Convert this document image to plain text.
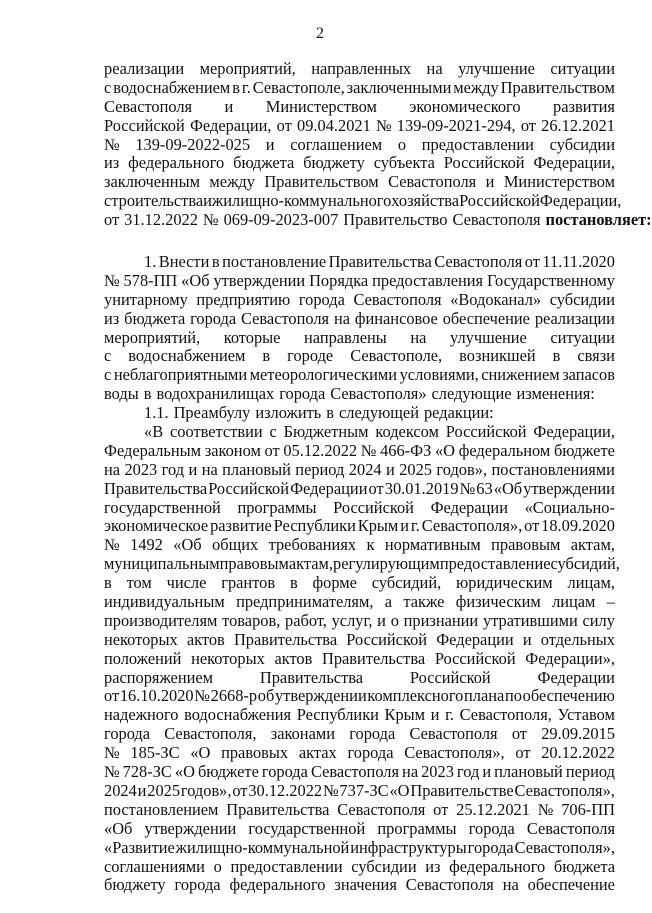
2
реализации мероприятий, направленных на улучшение ситуации
с водоснабжением в г. Севастополе, заключенными между Правительством
Севастополя и Министерством экономического развития
Российской Федерации, от 09.04.2021 № 139-09-2021-294, от 26.12.2021
№ 139-09-2022-025 и соглашением о предоставлении субсидии
из федерального бюджета бюджету субъекта Российской Федерации,
заключенным между Правительством Севастополя и Министерством
строительства и жилищно-коммунального хозяйства Российской Федерации,
от 31.12.2022 № 069-09-2023-007 Правительство Севастополя постановляет:
1. Внести в постановление Правительства Севастополя от 11.11.2020
№ 578-ПП «Об утверждении Порядка предоставления Государственному
унитарному предприятию города Севастополя «Водоканал» субсидии
из бюджета города Севастополя на финансовое обеспечение реализации
мероприятий, которые направлены на улучшение ситуации
с водоснабжением в городе Севастополе, возникшей в связи
с неблагоприятными метеорологическими условиями, снижением запасов
воды в водохранилищах города Севастополя» следующие изменения:
1.1. Преамбулу изложить в следующей редакции:
«В соответствии с Бюджетным кодексом Российской Федерации,
Федеральным законом от 05.12.2022 № 466-ФЗ «О федеральном бюджете
на 2023 год и на плановый период 2024 и 2025 годов», постановлениями
Правительства Российской Федерации от 30.01.2019 № 63 «Об утверждении
государственной программы Российской Федерации «Социально-
экономическое развитие Республики Крым и г. Севастополя», от 18.09.2020
№ 1492 «Об общих требованиях к нормативным правовым актам,
муниципальным правовым актам, регулирующим предоставление субсидий,
в том числе грантов в форме субсидий, юридическим лицам,
индивидуальным предпринимателям, а также физическим лицам –
производителям товаров, работ, услуг, и о признании утратившими силу
некоторых актов Правительства Российской Федерации и отдельных
положений некоторых актов Правительства Российской Федерации»,
распоряжением	Правительства	Российской	Федерации
от 16.10.2020 № 2668-р об утверждении комплексного плана по обеспечению
надежного водоснабжения Республики Крым и г. Севастополя, Уставом
города Севастополя, законами города Севастополя от 29.09.2015
№ 185-ЗС «О правовых актах города Севастополя», от 20.12.2022
№ 728-ЗС «О бюджете города Севастополя на 2023 год и плановый период
2024 и 2025 годов», от 30.12.2022 № 737-ЗС «О Правительстве Севастополя»,
постановлением Правительства Севастополя от 25.12.2021 № 706-ПП
«Об утверждении государственной программы города Севастополя
«Развитие жилищно-коммунальной инфраструктуры города Севастополя»,
соглашениями о предоставлении субсидии из федерального бюджета
бюджету города федерального значения Севастополя на обеспечение
